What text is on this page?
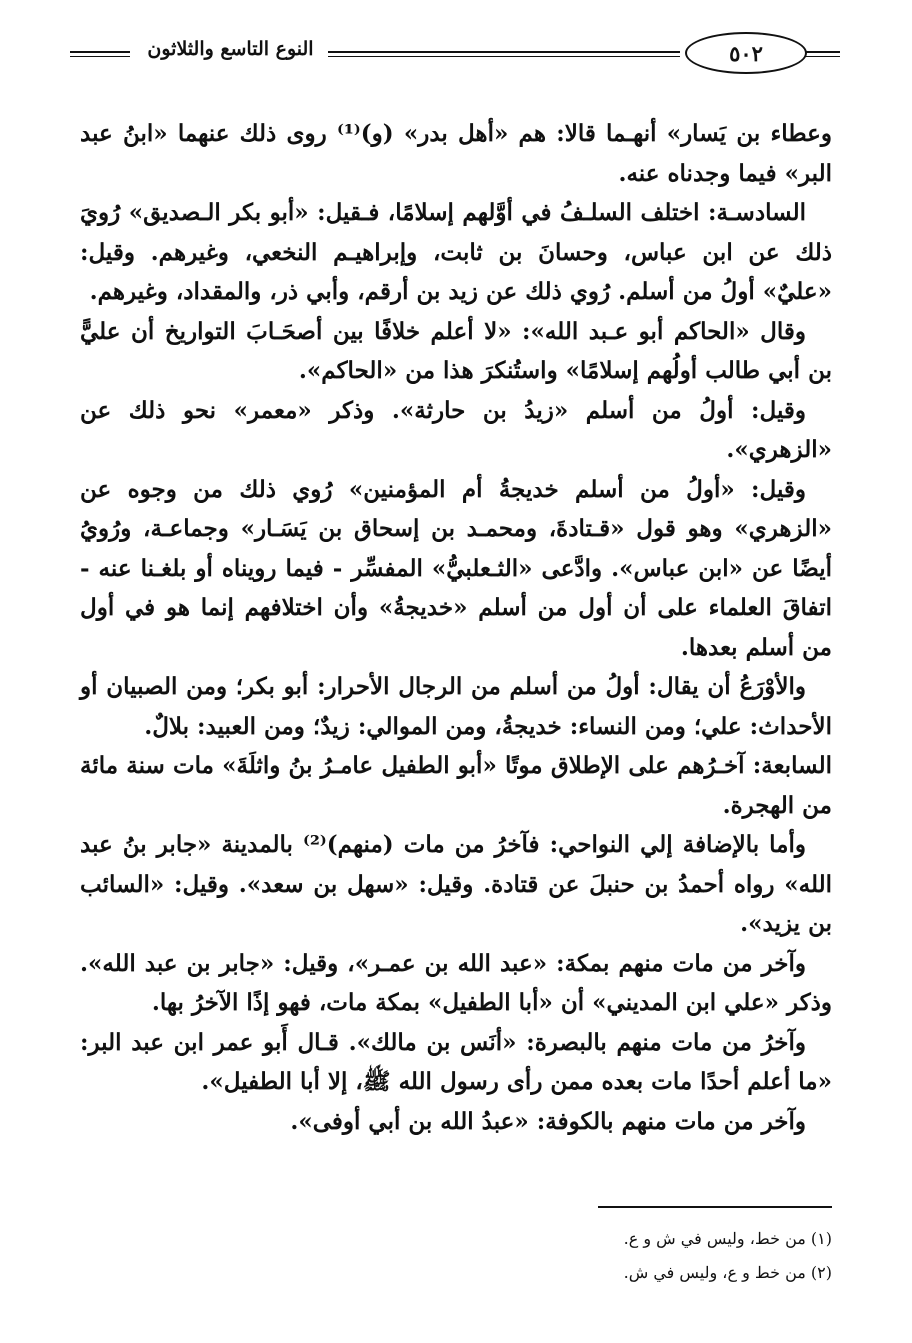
النوع التاسع والثلاثون	٥٠٢

وعطاء بن يَسار» أنهـما قالا: هم «أهل بدر» (و)⁽¹⁾ روى ذلك عنهما «ابنُ عبد البر» فيما وجدناه عنه.

السادسـة: اختلف السلـفُ في أوَّلهم إسلامًا، فـقيل: «أبو بكر الـصديق» رُويَ ذلك عن ابن عباس، وحسانَ بن ثابت، وإبراهيـم النخعي، وغيرهم. وقيل: «عليٌ» أولُ من أسلم. رُوي ذلك عن زيد بن أرقم، وأبي ذر، والمقداد، وغيرهم.

وقال «الحاكم أبو عـبد الله»: «لا أعلم خلافًا بين أصحَـابَ التواريخ أن عليًّ بن أبي طالب أولُهم إسلامًا» واستُنكرَ هذا من «الحاكم».

وقيل: أولُ من أسلم «زيدُ بن حارثة». وذكر «معمر» نحو ذلك عن «الزهري».

وقيل: «أولُ من أسلم خديجةُ أم المؤمنين» رُوي ذلك من وجوه عن «الزهري» وهو قول «قـتادةَ، ومحمـد بن إسحاق بن يَسَـار» وجماعـة، ورُويُ أيضًا عن «ابن عباس». وادَّعى «الثـعلبيُّ» المفسِّر - فيما رويناه أو بلغـنا عنه - اتفاقَ العلماء على أن أول من أسلم «خديجةُ» وأن اختلافهم إنما هو في أول من أسلم بعدها.

والأوْرَعُ أن يقال: أولُ من أسلم من الرجال الأحرار: أبو بكر؛ ومن الصبيان أو الأحداث: علي؛ ومن النساء: خديجةُ، ومن الموالي: زيدٌ؛ ومن العبيد: بلالٌ.

السابعة: آخـرُهم على الإطلاق موتًا «أبو الطفيل عامـرُ بنُ واثلَةَ» مات سنة مائة من الهجرة.

وأما بالإضافة إلي النواحي: فآخرُ من مات (منهم)⁽²⁾ بالمدينة «جابر بنُ عبد الله» رواه أحمدُ بن حنبلَ عن قتادة. وقيل: «سهل بن سعد». وقيل: «السائب بن يزيد».

وآخر من مات منهم بمكة: «عبد الله بن عمـر»، وقيل: «جابر بن عبد الله». وذكر «علي ابن المديني» أن «أبا الطفيل» بمكة مات، فهو إذًا الآخرُ بها.

وآخرُ من مات منهم بالبصرة: «أنَس بن مالك». قـال أَبو عمر ابن عبد البر: «ما أعلم أحدًا مات بعده ممن رأى رسول الله ﷺ، إلا أبا الطفيل».

وآخر من مات منهم بالكوفة: «عبدُ الله بن أبي أوفى».

(١) من خط، وليس في ش و ع.

(٢) من خط و ع، وليس في ش.
